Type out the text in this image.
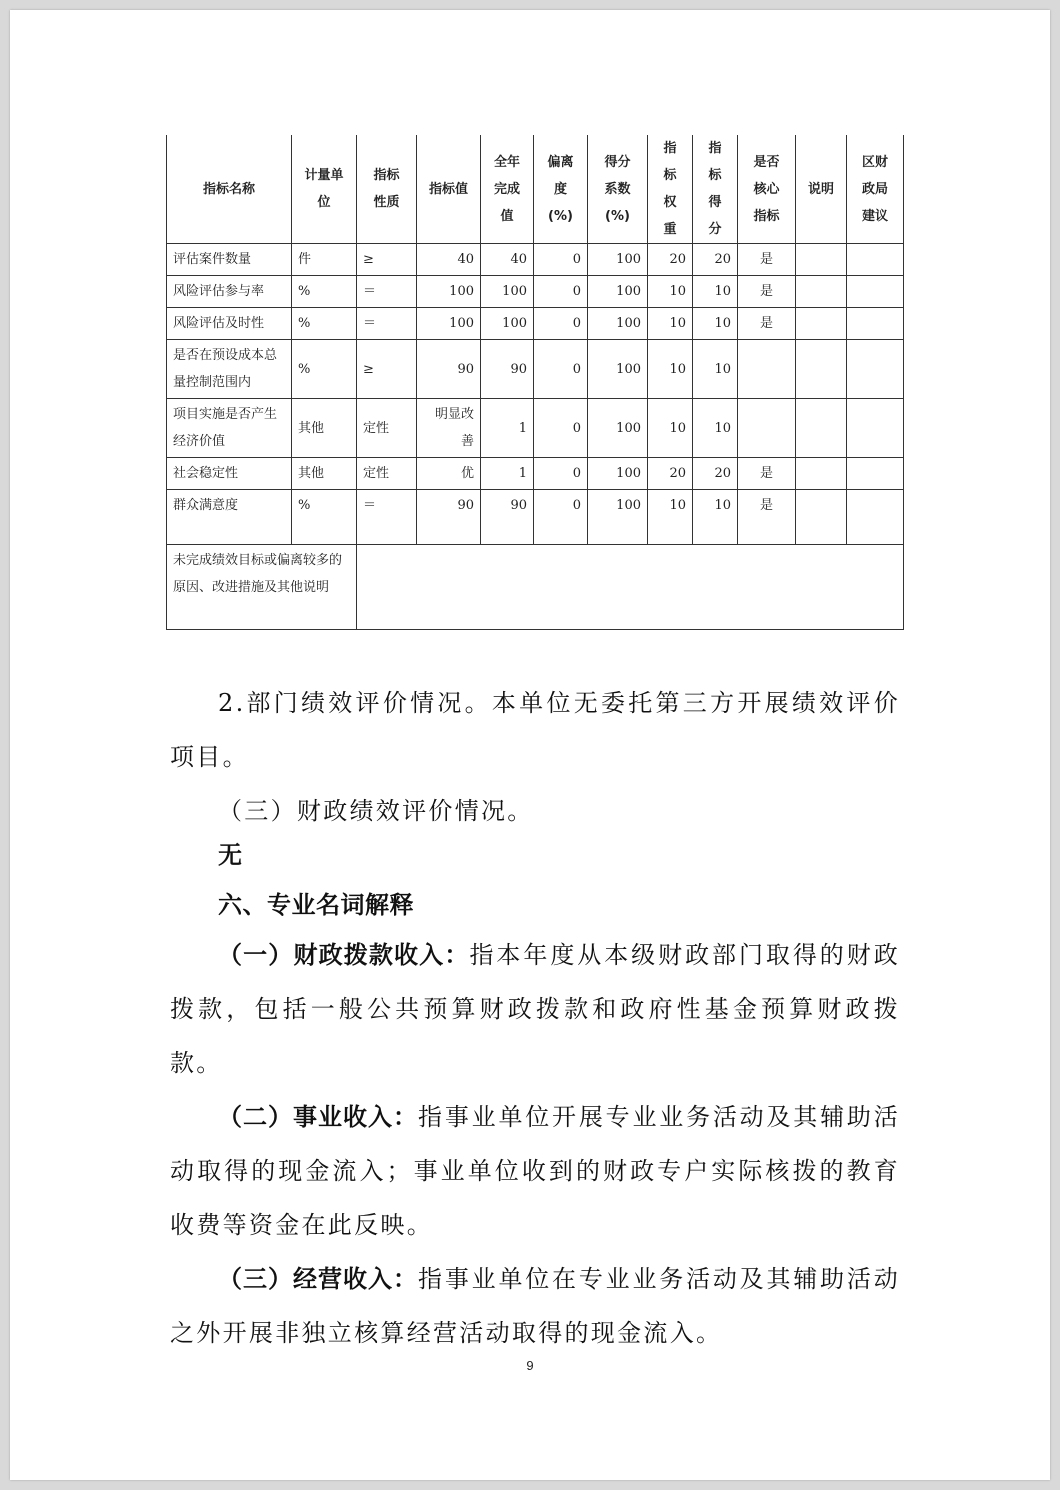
指标名称	计量单位	指标性质	指标值	全年完成值	偏离度(%)	得分系数(%)	指标权重	指标得分	是否核心指标	说明	区财政局建议
评估案件数量	件	≥	40	40	0	100	20	20	是		
风险评估参与率	%	＝	100	100	0	100	10	10	是		
风险评估及时性	%	＝	100	100	0	100	10	10	是		
是否在预设成本总量控制范围内	%	≥	90	90	0	100	10	10			
项目实施是否产生经济价值	其他	定性	明显改善	1	0	100	10	10			
社会稳定性	其他	定性	优	1	0	100	20	20	是		
群众满意度	%	＝	90	90	0	100	10	10	是		
未完成绩效目标或偏离较多的原因、改进措施及其他说明											

2.部门绩效评价情况。本单位无委托第三方开展绩效评价项目。

（三）财政绩效评价情况。

无

六、专业名词解释

（一）财政拨款收入：指本年度从本级财政部门取得的财政拨款，包括一般公共预算财政拨款和政府性基金预算财政拨款。

（二）事业收入：指事业单位开展专业业务活动及其辅助活动取得的现金流入；事业单位收到的财政专户实际核拨的教育收费等资金在此反映。

（三）经营收入：指事业单位在专业业务活动及其辅助活动之外开展非独立核算经营活动取得的现金流入。

9
